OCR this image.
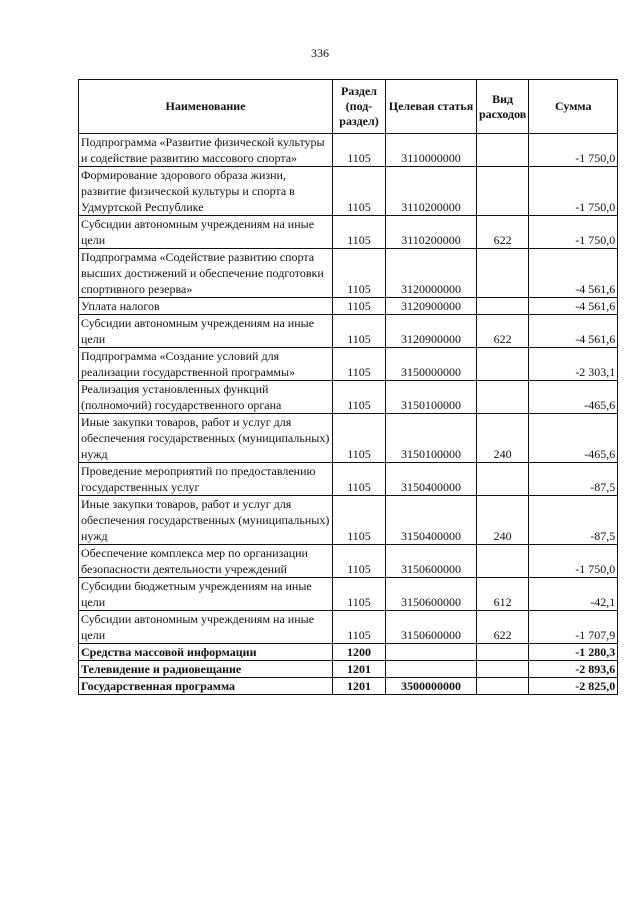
336
Наименование	Раздел (под-раздел)	Целевая статья	Вид расходов	Сумма
Подпрограмма «Развитие физической культуры и содействие развитию массового спорта»	1105	3110000000		-1 750,0
Формирование здорового образа жизни, развитие физической культуры и спорта в Удмуртской Республике	1105	3110200000		-1 750,0
Субсидии автономным учреждениям на иные цели	1105	3110200000	622	-1 750,0
Подпрограмма «Содействие развитию спорта высших достижений и обеспечение подготовки спортивного резерва»	1105	3120000000		-4 561,6
Уплата налогов	1105	3120900000		-4 561,6
Субсидии автономным учреждениям на иные цели	1105	3120900000	622	-4 561,6
Подпрограмма «Создание условий для реализации государственной программы»	1105	3150000000		-2 303,1
Реализация установленных функций (полномочий) государственного органа	1105	3150100000		-465,6
Иные закупки товаров, работ и услуг для обеспечения государственных (муниципальных) нужд	1105	3150100000	240	-465,6
Проведение мероприятий по предоставлению государственных услуг	1105	3150400000		-87,5
Иные закупки товаров, работ и услуг для обеспечения государственных (муниципальных) нужд	1105	3150400000	240	-87,5
Обеспечение комплекса мер по организации безопасности деятельности учреждений	1105	3150600000		-1 750,0
Субсидии бюджетным учреждениям на иные цели	1105	3150600000	612	-42,1
Субсидии автономным учреждениям на иные цели	1105	3150600000	622	-1 707,9
Средства массовой информации	1200			-1 280,3
Телевидение и радиовещание	1201			-2 893,6
Государственная программа	1201	3500000000		-2 825,0
